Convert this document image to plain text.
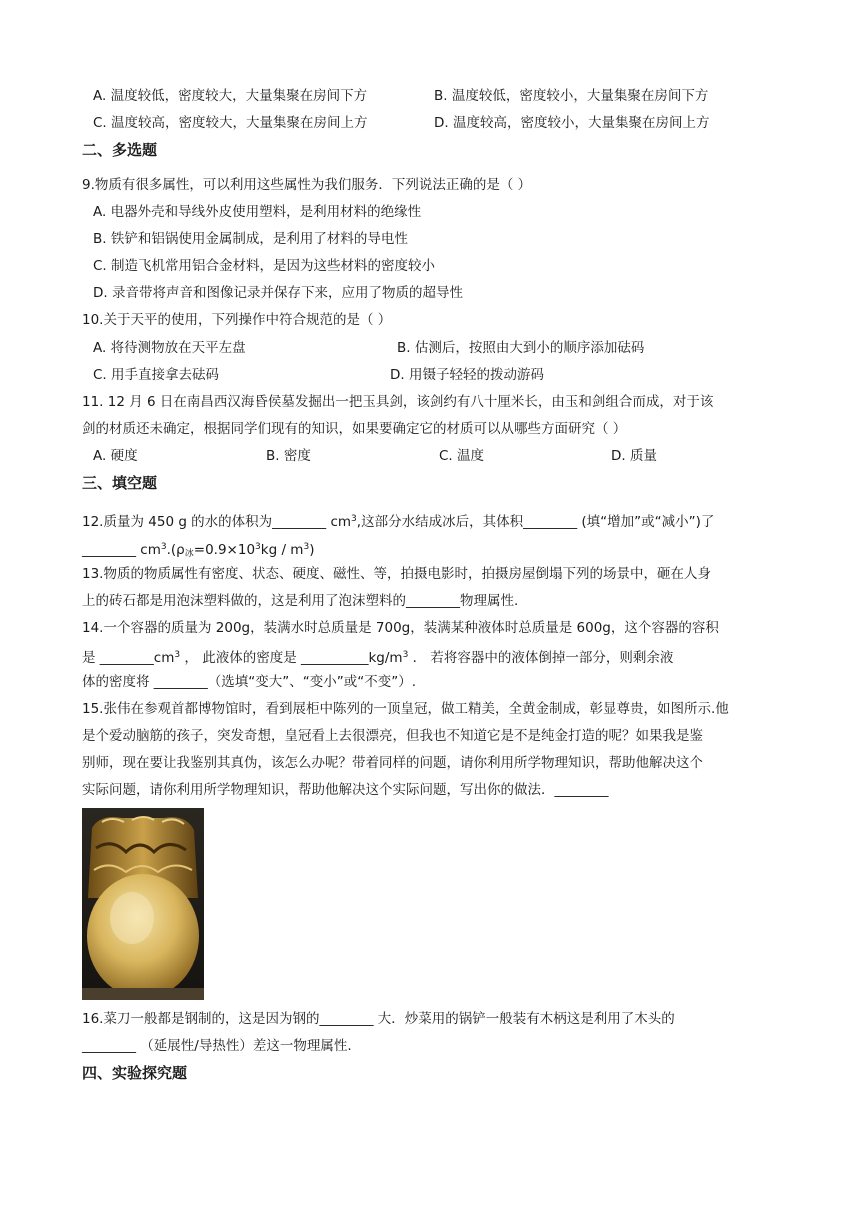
A. 温度较低，密度较大，大量集聚在房间下方	B. 温度较低，密度较小，大量集聚在房间下方
C. 温度较高，密度较大，大量集聚在房间上方	D. 温度较高，密度较小，大量集聚在房间上方
二、多选题
9.物质有很多属性，可以利用这些属性为我们服务．下列说法正确的是（ ）
A. 电器外壳和导线外皮使用塑料，是利用材料的绝缘性
B. 铁铲和铝锅使用金属制成，是利用了材料的导电性
C. 制造飞机常用铝合金材料，是因为这些材料的密度较小
D. 录音带将声音和图像记录并保存下来，应用了物质的超导性
10.关于天平的使用，下列操作中符合规范的是（ ）
A. 将待测物放在天平左盘	B. 估测后，按照由大到小的顺序添加砝码
C. 用手直接拿去砝码	D. 用镊子轻轻的拨动游码
11. 12 月 6 日在南昌西汉海昏侯墓发掘出一把玉具剑，该剑约有八十厘米长，由玉和剑组合而成，对于该
剑的材质还未确定，根据同学们现有的知识，如果要确定它的材质可以从哪些方面研究（ ）
A. 硬度	B. 密度	C. 温度	D. 质量
三、填空题
12.质量为 450 g 的水的体积为________ $cm^3$,这部分水结成冰后，其体积________ (填“增加”或“减小”)了
________ $cm^3.(\rho_冰=0.9\times 10^3kg / m^3)$
13.物质的物质属性有密度、状态、硬度、磁性、等，拍摄电影时，拍摄房屋倒塌下列的场景中，砸在人身
上的砖石都是用泡沫塑料做的，这是利用了泡沫塑料的________物理属性.
14.一个容器的质量为 200g，装满水时总质量是 700g，装满某种液体时总质量是 600g，这个容器的容积
是 $\_\_\_\_\_\_\_\_cm^3$ ， 此液体的密度是 $\_\_\_\_\_\_\_\_\_\_kg/m^3$ ． 若将容器中的液体倒掉一部分，则剩余液
体的密度将 ________（选填“变大”、“变小”或“不变”）.
15.张伟在参观首都博物馆时，看到展柜中陈列的一顶皇冠，做工精美，全黄金制成，彰显尊贵，如图所示.他
是个爱动脑筋的孩子，突发奇想，皇冠看上去很漂亮，但我也不知道它是不是纯金打造的呢？如果我是鉴
别师，现在要让我鉴别其真伪，该怎么办呢？带着同样的问题，请你利用所学物理知识，帮助他解决这个
实际问题，请你利用所学物理知识，帮助他解决这个实际问题，写出你的做法．________
16.菜刀一般都是钢制的，这是因为钢的________ 大．炒菜用的锅铲一般装有木柄这是利用了木头的
________ （延展性/导热性）差这一物理属性.
四、实验探究题
